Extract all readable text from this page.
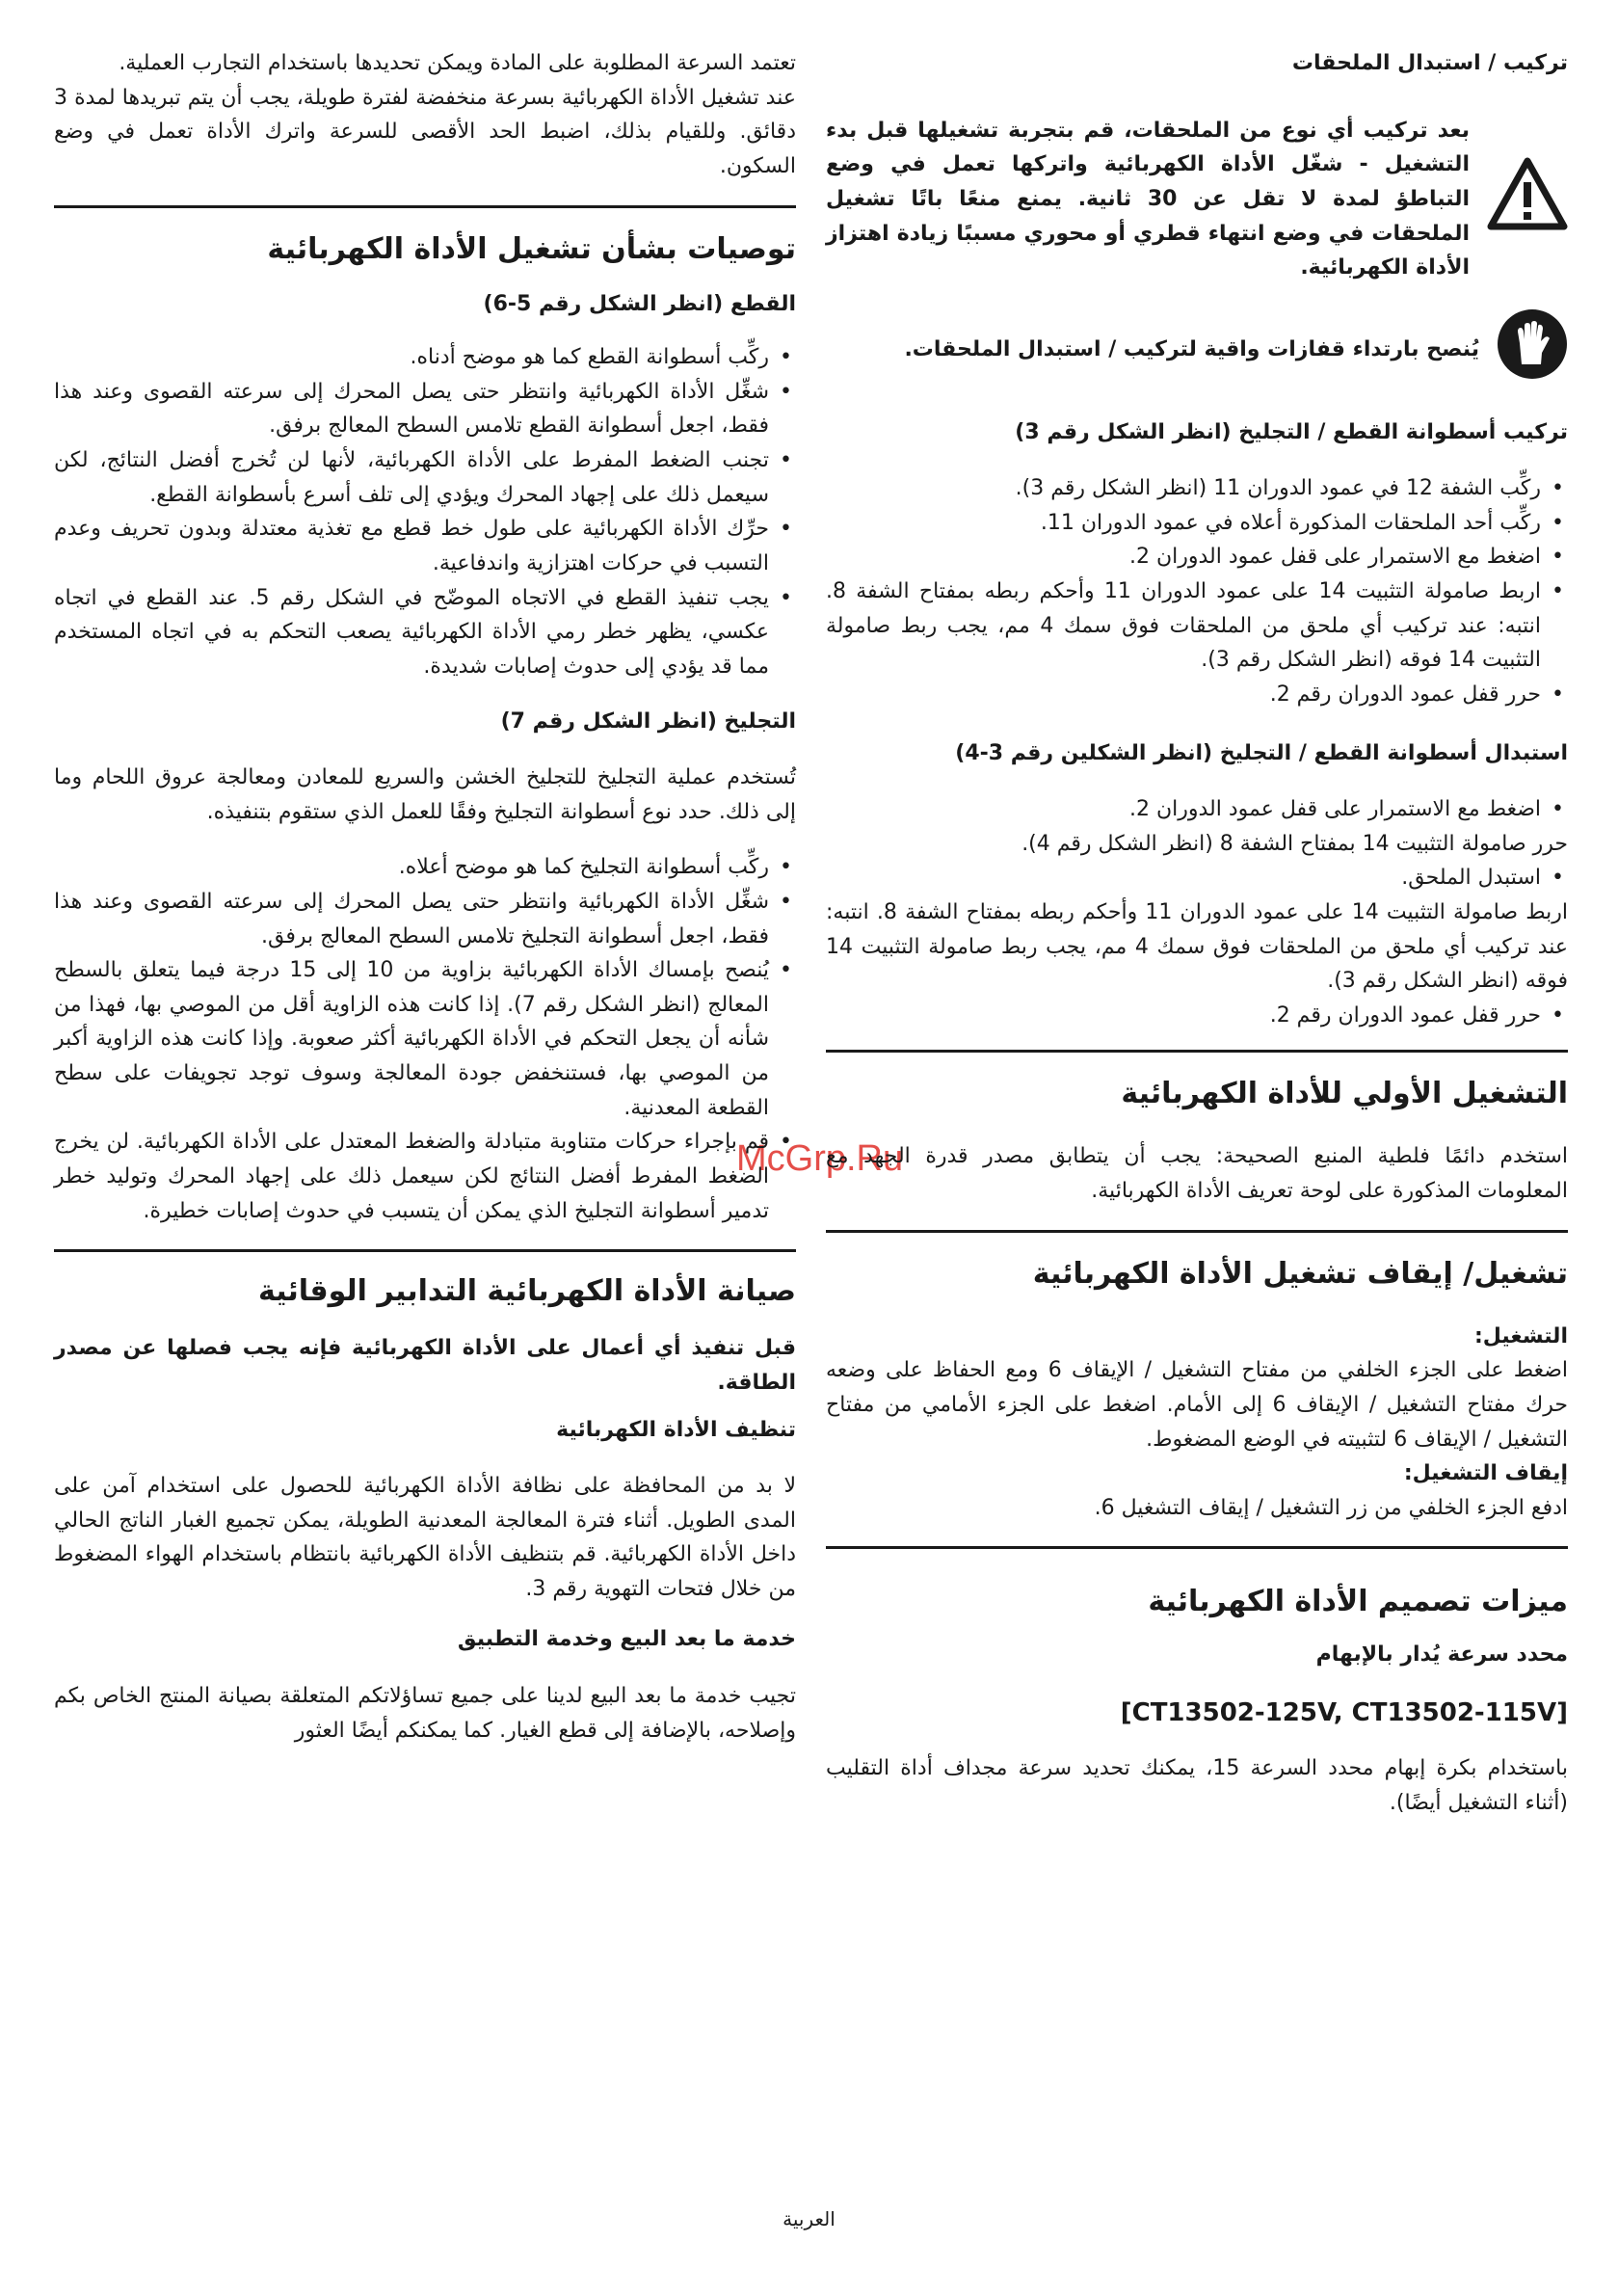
McGrp.Ru

تركيب / استبدال الملحقات

بعد تركيب أي نوع من الملحقات، قم بتجربة تشغيلها قبل بدء التشغيل - شغّل الأداة الكهربائية واتركها تعمل في وضع التباطؤ لمدة لا تقل عن 30 ثانية. يمنع منعًا باتًا تشغيل الملحقات في وضع انتهاء قطري أو محوري مسببًا زيادة اهتزاز الأداة الكهربائية.

يُنصح بارتداء قفازات واقية لتركيب / استبدال الملحقات.

تركيب أسطوانة القطع / التجليخ (انظر الشكل رقم 3)

• ركِّب الشفة 12 في عمود الدوران 11 (انظر الشكل رقم 3).
• ركِّب أحد الملحقات المذكورة أعلاه في عمود الدوران 11.
• اضغط مع الاستمرار على قفل عمود الدوران 2.
• اربط صامولة التثبيت 14 على عمود الدوران 11 وأحكم ربطه بمفتاح الشفة 8. انتبه: عند تركيب أي ملحق من الملحقات فوق سمك 4 مم، يجب ربط صامولة التثبيت 14 فوقه (انظر الشكل رقم 3).
• حرر قفل عمود الدوران رقم 2.

استبدال أسطوانة القطع / التجليخ (انظر الشكلين رقم 3-4)

• اضغط مع الاستمرار على قفل عمود الدوران 2.

حرر صامولة التثبيت 14 بمفتاح الشفة 8 (انظر الشكل رقم 4).

• استبدل الملحق.

اربط صامولة التثبيت 14 على عمود الدوران 11 وأحكم ربطه بمفتاح الشفة 8. انتبه: عند تركيب أي ملحق من الملحقات فوق سمك 4 مم، يجب ربط صامولة التثبيت 14 فوقه (انظر الشكل رقم 3).

• حرر قفل عمود الدوران رقم 2.

التشغيل الأولي للأداة الكهربائية

استخدم دائمًا فلطية المنبع الصحيحة: يجب أن يتطابق مصدر قدرة الجهد مع المعلومات المذكورة على لوحة تعريف الأداة الكهربائية.

تشغيل/ إيقاف تشغيل الأداة الكهربائية

التشغيل:

اضغط على الجزء الخلفي من مفتاح التشغيل / الإيقاف 6 ومع الحفاظ على وضعه حرك مفتاح التشغيل / الإيقاف 6 إلى الأمام. اضغط على الجزء الأمامي من مفتاح التشغيل / الإيقاف 6 لتثبيته في الوضع المضغوط.

إيقاف التشغيل:

ادفع الجزء الخلفي من زر التشغيل / إيقاف التشغيل 6.

ميزات تصميم الأداة الكهربائية

محدد سرعة يُدار بالإبهام

[CT13502-125V, CT13502-115V]

باستخدام بكرة إبهام محدد السرعة 15، يمكنك تحديد سرعة مجداف أداة التقليب (أثناء التشغيل أيضًا).

تعتمد السرعة المطلوبة على المادة ويمكن تحديدها باستخدام التجارب العملية.

عند تشغيل الأداة الكهربائية بسرعة منخفضة لفترة طويلة، يجب أن يتم تبريدها لمدة 3 دقائق. وللقيام بذلك، اضبط الحد الأقصى للسرعة واترك الأداة تعمل في وضع السكون.

توصيات بشأن تشغيل الأداة الكهربائية

القطع (انظر الشكل رقم 5-6)

• ركِّب أسطوانة القطع كما هو موضح أدناه.
• شغِّل الأداة الكهربائية وانتظر حتى يصل المحرك إلى سرعته القصوى وعند هذا فقط، اجعل أسطوانة القطع تلامس السطح المعالج برفق.
• تجنب الضغط المفرط على الأداة الكهربائية، لأنها لن تُخرج أفضل النتائج، لكن سيعمل ذلك على إجهاد المحرك ويؤدي إلى تلف أسرع بأسطوانة القطع.
• حرِّك الأداة الكهربائية على طول خط قطع مع تغذية معتدلة وبدون تحريف وعدم التسبب في حركات اهتزازية واندفاعية.
• يجب تنفيذ القطع في الاتجاه الموضّح في الشكل رقم 5. عند القطع في اتجاه عكسي، يظهر خطر رمي الأداة الكهربائية يصعب التحكم به في اتجاه المستخدم مما قد يؤدي إلى حدوث إصابات شديدة.

التجليخ (انظر الشكل رقم 7)

تُستخدم عملية التجليخ للتجليخ الخشن والسريع للمعادن ومعالجة عروق اللحام وما إلى ذلك. حدد نوع أسطوانة التجليخ وفقًا للعمل الذي ستقوم بتنفيذه.

• ركِّب أسطوانة التجليخ كما هو موضح أعلاه.
• شغِّل الأداة الكهربائية وانتظر حتى يصل المحرك إلى سرعته القصوى وعند هذا فقط، اجعل أسطوانة التجليخ تلامس السطح المعالج برفق.
• يُنصح بإمساك الأداة الكهربائية بزاوية من 10 إلى 15 درجة فيما يتعلق بالسطح المعالج (انظر الشكل رقم 7). إذا كانت هذه الزاوية أقل من الموصي بها، فهذا من شأنه أن يجعل التحكم في الأداة الكهربائية أكثر صعوبة. وإذا كانت هذه الزاوية أكبر من الموصي بها، فستنخفض جودة المعالجة وسوف توجد تجويفات على سطح القطعة المعدنية.
• قم بإجراء حركات متناوبة متبادلة والضغط المعتدل على الأداة الكهربائية. لن يخرج الضغط المفرط أفضل النتائج لكن سيعمل ذلك على إجهاد المحرك وتوليد خطر تدمير أسطوانة التجليخ الذي يمكن أن يتسبب في حدوث إصابات خطيرة.

صيانة الأداة الكهربائية التدابير الوقائية

قبل تنفيذ أي أعمال على الأداة الكهربائية فإنه يجب فصلها عن مصدر الطاقة.

تنظيف الأداة الكهربائية

لا بد من المحافظة على نظافة الأداة الكهربائية للحصول على استخدام آمن على المدى الطويل. أثناء فترة المعالجة المعدنية الطويلة، يمكن تجميع الغبار الناتج الحالي داخل الأداة الكهربائية. قم بتنظيف الأداة الكهربائية بانتظام باستخدام الهواء المضغوط من خلال فتحات التهوية رقم 3.

خدمة ما بعد البيع وخدمة التطبيق

تجيب خدمة ما بعد البيع لدينا على جميع تساؤلاتكم المتعلقة بصيانة المنتج الخاص بكم وإصلاحه، بالإضافة إلى قطع الغيار. كما يمكنكم أيضًا العثور

العربية
